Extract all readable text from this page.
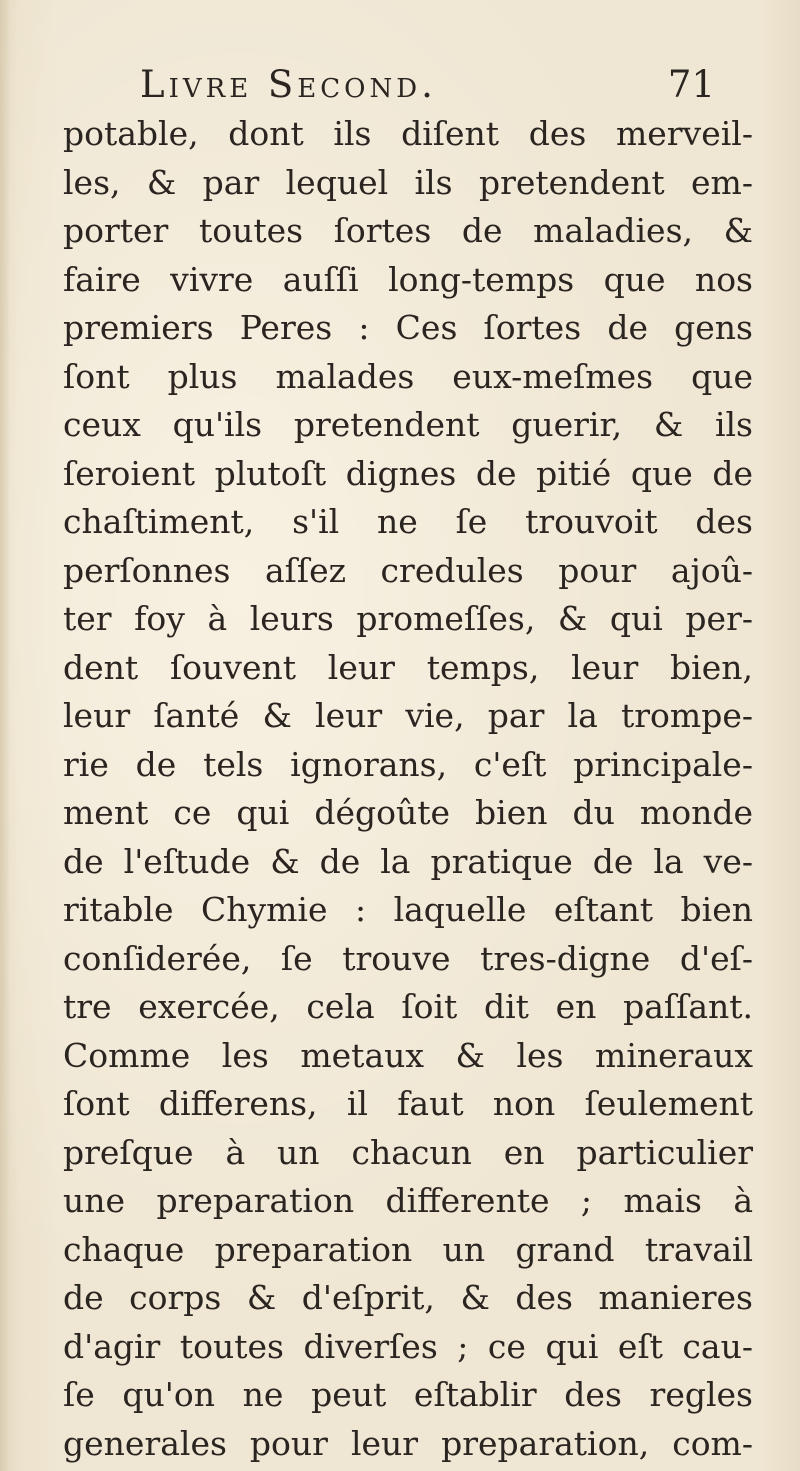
Livre Second.	71
potable, dont ils diſent des merveil-
les, & par lequel ils pretendent em-
porter toutes ſortes de maladies, &
faire vivre auſſi long-temps que nos
premiers Peres : Ces ſortes de gens
ſont plus malades eux-meſmes que
ceux qu'ils pretendent guerir, & ils
ſeroient plutoſt dignes de pitié que de
chaſtiment, s'il ne ſe trouvoit des
perſonnes aſſez credules pour ajoû-
ter foy à leurs promeſſes, & qui per-
dent ſouvent leur temps, leur bien,
leur ſanté & leur vie, par la trompe-
rie de tels ignorans, c'eſt principale-
ment ce qui dégoûte bien du monde
de l'eſtude & de la pratique de la ve-
ritable Chymie : laquelle eſtant bien
conſiderée, ſe trouve tres-digne d'eſ-
tre exercée, cela ſoit dit en paſſant.
Comme les metaux & les mineraux
ſont differens, il faut non ſeulement
preſque à un chacun en particulier
une preparation differente ; mais à
chaque preparation un grand travail
de corps & d'eſprit, & des manieres
d'agir toutes diverſes ; ce qui eſt cau-
ſe qu'on ne peut eſtablir des regles
generales pour leur preparation, com-
